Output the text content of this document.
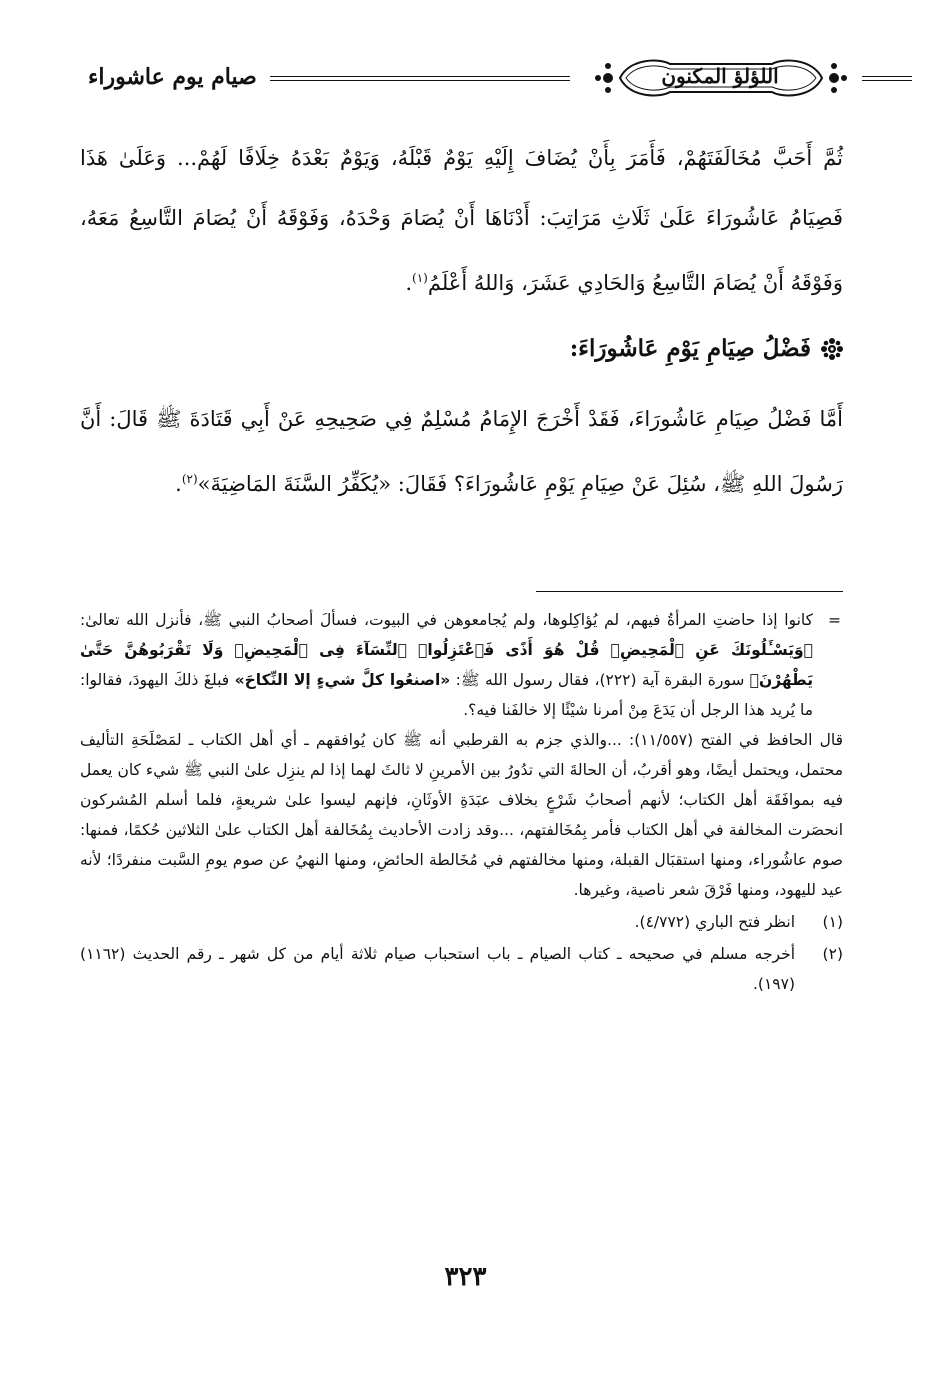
صيام يوم عاشوراء	اللؤلؤ المكنون

ثُمَّ أَحَبَّ مُخَالَفَتَهُمْ، فَأَمَرَ بِأَنْ يُضَافَ إِلَيْهِ يَوْمٌ قَبْلَهُ، وَيَوْمٌ بَعْدَهُ خِلَافًا لَهُمْ... وَعَلَىٰ هَذَا فَصِيَامُ عَاشُورَاءَ عَلَىٰ ثَلَاثِ مَرَاتِبَ: أَدْنَاهَا أَنْ يُصَامَ وَحْدَهُ، وَفَوْقَهُ أَنْ يُصَامَ التَّاسِعُ مَعَهُ، وَفَوْقَهُ أَنْ يُصَامَ التَّاسِعُ وَالحَادِي عَشَرَ، وَاللهُ أَعْلَمُ$^{(١)}$.

فَضْلُ صِيَامِ يَوْمِ عَاشُورَاءَ:

أَمَّا فَضْلُ صِيَامِ عَاشُورَاءَ، فَقَدْ أَخْرَجَ الإِمَامُ مُسْلِمٌ فِي صَحِيحِهِ عَنْ أَبِي قَتَادَةَ ﷺ قَالَ: أَنَّ رَسُولَ اللهِ ﷺ، سُئِلَ عَنْ صِيَامِ يَوْمِ عَاشُورَاءَ؟ فَقَالَ: «يُكَفِّرُ السَّنَةَ المَاضِيَةَ»$^{(٢)}$.

=
كانوا إذا حاضتِ المرأةُ فيهم، لم يُؤاكِلوها، ولم يُجامعوهن في البيوت، فسألَ أصحابُ النبي ﷺ، فأنزل الله تعالىٰ: ﴿وَيَسْـَٔلُونَكَ عَنِ ٱلْمَحِيضِۖ قُلْ هُوَ أَذًى فَٱعْتَزِلُوا۟ ٱلنِّسَآءَ فِى ٱلْمَحِيضِۖ وَلَا تَقْرَبُوهُنَّ حَتَّىٰ يَطْهُرْنَ﴾ سورة البقرة آية (٢٢٢)، فقال رسول الله ﷺ: «اصنعُوا كلَّ شيءٍ إلا النِّكاحَ» فبلغَ ذلكَ اليهودَ، فقالوا: ما يُريد هذا الرجل أن يَدَعَ مِنْ أمرنا شيْئًا إلا خالفَنا فيه؟.

قال الحافظ في الفتح (١١/٥٥٧): ...والذي جزم به القرطبي أنه ﷺ كان يُوافقهم ـ أي أهل الكتاب ـ لمَصْلَحَةِ التأليف محتمل، ويحتمل أيضًا، وهو أقربُ، أن الحالةَ التي تدُورُ بين الأمرينِ لا ثالثَ لهما إذا لم ينزِل علىٰ النبي ﷺ شيء كان يعمل فيه بموافَقَة أهل الكتاب؛ لأنهم أصحابُ شَرْعٍ بخلاف عبَدَةِ الأوثَانِ، فإنهم ليسوا علىٰ شريعةٍ، فلما أسلم المُشركون انحصَرت المخالفة في أهل الكتاب فأمر بِمُخَالفتهم، ...وقد زادت الأحاديث بِمُخَالفة أهل الكتاب علىٰ الثلاثين حُكمًا، فمنها: صوم عاشُوراء، ومنها استقبَال القبلة، ومنها مخالفتهم في مُخَالطة الحائضِ، ومنها النهيُ عن صوم يومِ السَّبت منفردًا؛ لأنه عيد لليهود، ومنها فَرْقَ شعر ناصية، وغيرها.

(١)
انظر فتح الباري (٤/٧٧٢).
(٢)
أخرجه مسلم في صحيحه ـ كتاب الصيام ـ باب استحباب صيام ثلاثة أيام من كل شهر ـ رقم الحديث (١١٦٢) (١٩٧).
٣٢٣
